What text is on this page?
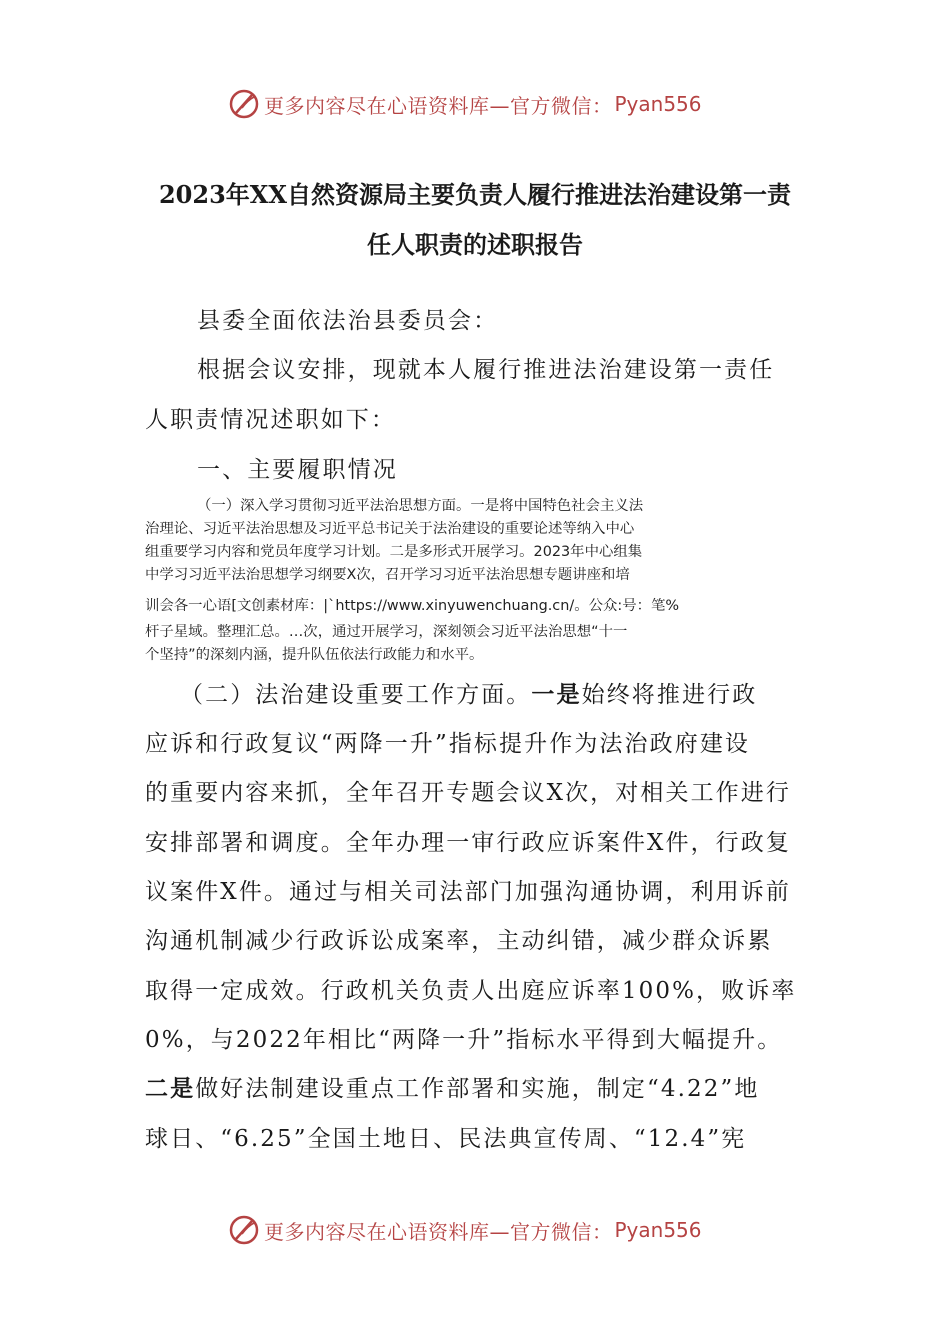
更多内容尽在心语资料库—官方微信： Pyan556
2023年XX自然资源局主要负责人履行推进法治建设第一责
任人职责的述职报告
县委全面依法治县委员会：
根据会议安排，现就本人履行推进法治建设第一责任
人职责情况述职如下：
一、主要履职情况
（一）深入学习贯彻习近平法治思想方面。一是将中国特色社会主义法
治理论、习近平法治思想及习近平总书记关于法治建设的重要论述等纳入中心
组重要学习内容和党员年度学习计划。二是多形式开展学习。2023年中心组集
中学习习近平法治思想学习纲要X次，召开学习习近平法治思想专题讲座和培
训会各一心语[文创素材库：|`https://www.xinyuwenchuang.cn/。公众:号：笔%
杆子星域。整理汇总。…次，通过开展学习，深刻领会习近平法治思想“十一
个坚持”的深刻内涵，提升队伍依法行政能力和水平。
（二）法治建设重要工作方面。一是始终将推进行政
应诉和行政复议“两降一升”指标提升作为法治政府建设
的重要内容来抓，全年召开专题会议X次，对相关工作进行
安排部署和调度。全年办理一审行政应诉案件X件，行政复
议案件X件。通过与相关司法部门加强沟通协调，利用诉前
沟通机制减少行政诉讼成案率，主动纠错，减少群众诉累
取得一定成效。行政机关负责人出庭应诉率100%，败诉率
0%，与2022年相比“两降一升”指标水平得到大幅提升。
二是做好法制建设重点工作部署和实施，制定“4.22”地
球日、“6.25”全国土地日、民法典宣传周、“12.4”宪
更多内容尽在心语资料库—官方微信： Pyan556
